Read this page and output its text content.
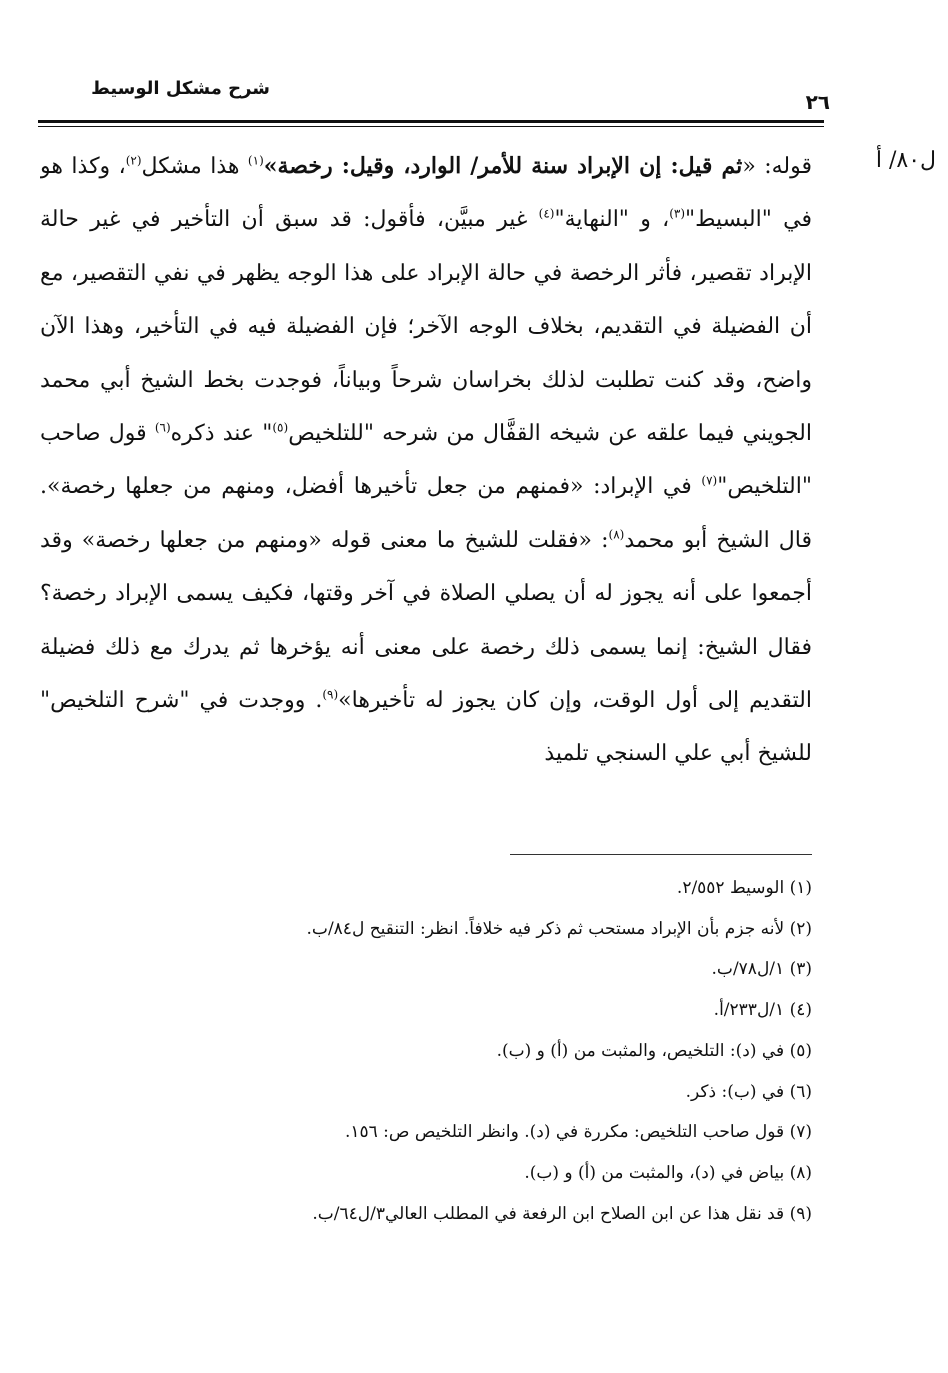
شرح مشكل الوسيط
٢٦
ل٨٠/ أ

قوله: «ثم قيل: إن الإبراد سنة للأمر/ الوارد، وقيل: رخصة»$^{(١)}$ هذا مشكل$^{(٢)}$، وكذا هو في "البسيط"$^{(٣)}$، و "النهاية"$^{(٤)}$ غير مبيَّن، فأقول: قد سبق أن التأخير في غير حالة الإبراد تقصير، فأثر الرخصة في حالة الإبراد على هذا الوجه يظهر في نفي التقصير، مع أن الفضيلة في التقديم، بخلاف الوجه الآخر؛ فإن الفضيلة فيه في التأخير، وهذا الآن واضح، وقد كنت تطلبت لذلك بخراسان شرحاً وبياناً، فوجدت بخط الشيخ أبي محمد الجويني فيما علقه عن شيخه القفَّال من شرحه "للتلخيص$^{(٥)}$" عند ذكره$^{(٦)}$ قول صاحب "التلخيص"$^{(٧)}$ في الإبراد: «فمنهم من جعل تأخيرها أفضل، ومنهم من جعلها رخصة». قال الشيخ أبو محمد$^{(٨)}$: «فقلت للشيخ ما معنى قوله «ومنهم من جعلها رخصة» وقد أجمعوا على أنه يجوز له أن يصلي الصلاة في آخر وقتها، فكيف يسمى الإبراد رخصة؟ فقال الشيخ: إنما يسمى ذلك رخصة على معنى أنه يؤخرها ثم يدرك مع ذلك فضيلة التقديم إلى أول الوقت، وإن كان يجوز له تأخيرها»$^{(٩)}$. ووجدت في "شرح التلخيص" للشيخ أبي علي السنجي تلميذ

(١) الوسيط ٢/٥٥٢.
(٢) لأنه جزم بأن الإبراد مستحب ثم ذكر فيه خلافاً. انظر: التنقيح ل٨٤/ب.
(٣) ١/ل٧٨/ب.
(٤) ١/ل٢٣٣/أ.
(٥) في (د): التلخيص، والمثبت من (أ) و (ب).
(٦) في (ب): ذكر.
(٧) قول صاحب التلخيص: مكررة في (د). وانظر التلخيص ص: ١٥٦.
(٨) بياض في (د)، والمثبت من (أ) و (ب).
(٩) قد نقل هذا عن ابن الصلاح ابن الرفعة في المطلب العالي٣/ل٦٤/ب.
